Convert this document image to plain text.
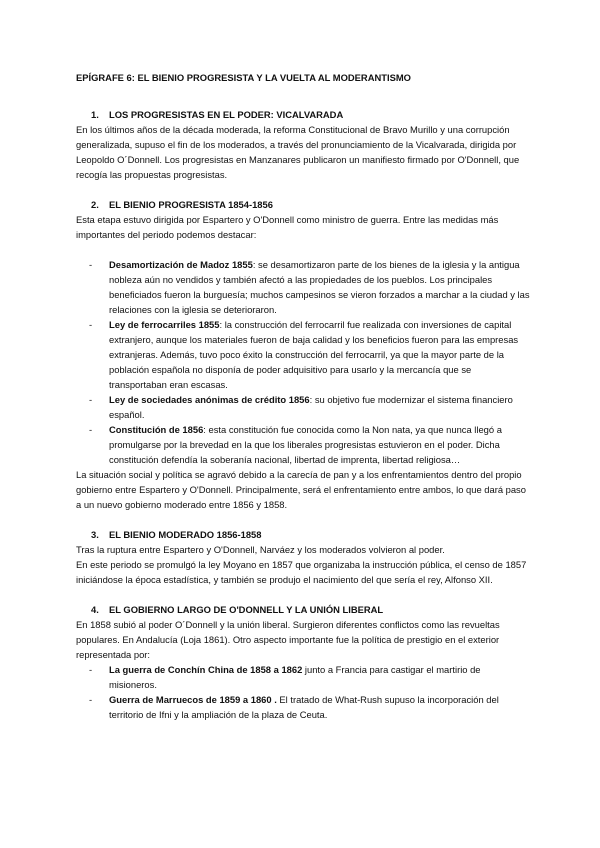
EPÍGRAFE 6: EL BIENIO PROGRESISTA Y LA VUELTA AL MODERANTISMO

1.	LOS PROGRESISTAS EN EL PODER: VICALVARADA

En los últimos años de la década moderada, la reforma Constitucional de Bravo Murillo y una corrupción generalizada, supuso el fin de los moderados, a través del pronunciamiento de la Vicalvarada, dirigida por Leopoldo O´Donnell. Los progresistas en Manzanares publicaron un manifiesto firmado por O'Donnell, que recogía las propuestas progresistas.

2.	EL BIENIO PROGRESISTA 1854-1856

Esta etapa estuvo dirigida por Espartero y O'Donnell como ministro de guerra. Entre las medidas más importantes del periodo podemos destacar:

- Desamortización de Madoz 1855: se desamortizaron parte de los bienes de la iglesia y la antigua nobleza aún no vendidos y también afectó a las propiedades de los pueblos. Los principales beneficiados fueron la burguesía; muchos campesinos se vieron forzados a marchar a la ciudad y las relaciones con la iglesia se deterioraron.
- Ley de ferrocarriles 1855: la construcción del ferrocarril fue realizada con inversiones de capital extranjero, aunque los materiales fueron de baja calidad y los beneficios fueron para las empresas extranjeras. Además, tuvo poco éxito la construcción del ferrocarril, ya que la mayor parte de la población española no disponía de poder adquisitivo para usarlo y la mercancía que se transportaban eran escasas.
- Ley de sociedades anónimas de crédito 1856: su objetivo fue modernizar el sistema financiero español.
- Constitución de 1856: esta constitución fue conocida como la Non nata, ya que nunca llegó a promulgarse por la brevedad en la que los liberales progresistas estuvieron en el poder. Dicha constitución defendía la soberanía nacional, libertad de imprenta, libertad religiosa…

La situación social y política se agravó debido a la carecía de pan y a los enfrentamientos dentro del propio gobierno entre Espartero y O'Donnell. Principalmente, será el enfrentamiento entre ambos, lo que dará paso a un nuevo gobierno moderado entre 1856 y 1858.

3.	EL BIENIO MODERADO 1856-1858

Tras la ruptura entre Espartero y O'Donnell, Narváez y los moderados volvieron al poder.

En este periodo se promulgó la ley Moyano en 1857 que organizaba la instrucción pública, el censo de 1857 iniciándose la época estadística, y también se produjo el nacimiento del que sería el rey, Alfonso XII.

4.	EL GOBIERNO LARGO DE O'DONNELL Y LA UNIÓN LIBERAL

En 1858 subió al poder O´Donnell y la unión liberal. Surgieron diferentes conflictos como las revueltas populares. En Andalucía (Loja 1861). Otro aspecto importante fue la política de prestigio en el exterior representada por:

- La guerra de Conchín China de 1858 a 1862 junto a Francia para castigar el martirio de misioneros.
- Guerra de Marruecos de 1859 a 1860 . El tratado de What-Rush supuso la incorporación del territorio de Ifni y la ampliación de la plaza de Ceuta.
